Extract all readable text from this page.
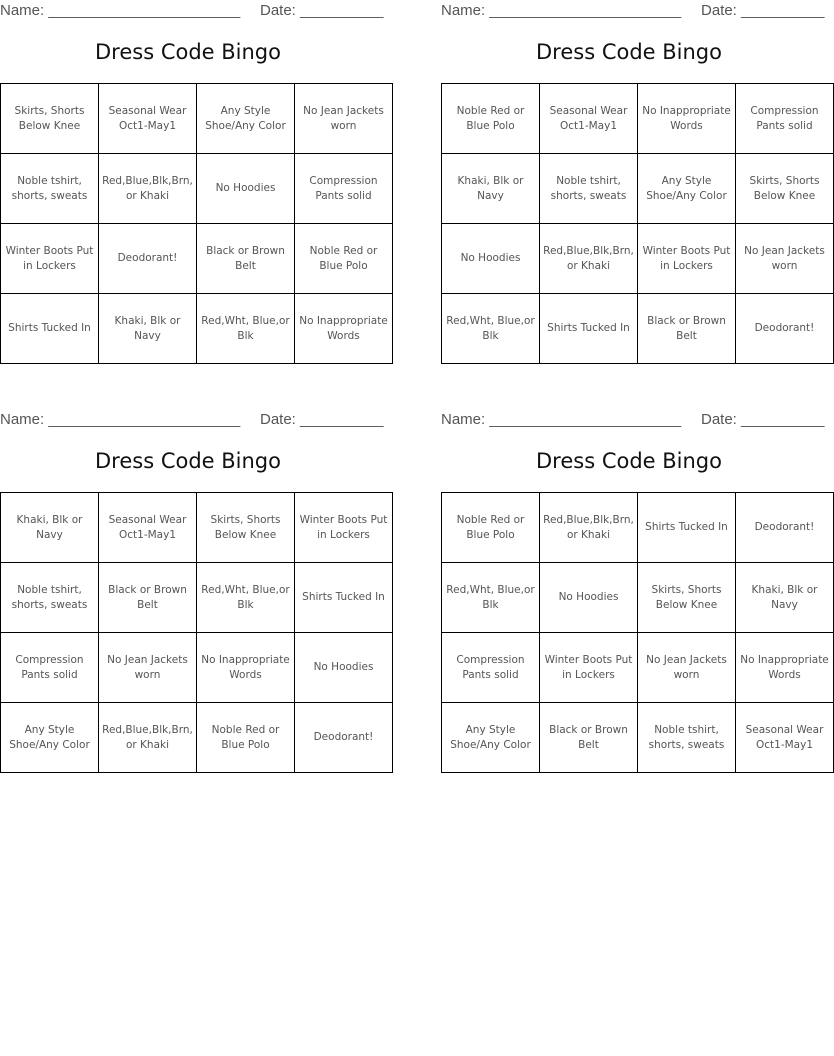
Name: _______________________ Date: __________
Dress Code Bingo
Skirts, Shorts Below Knee	Seasonal Wear Oct1-May1	Any Style Shoe/Any Color	No Jean Jackets worn
Noble tshirt, shorts, sweats	Red,Blue,Blk,Brn, or Khaki	No Hoodies	Compression Pants solid
Winter Boots Put in Lockers	Deodorant!	Black or Brown Belt	Noble Red or Blue Polo
Shirts Tucked In	Khaki, Blk or Navy	Red,Wht, Blue,or Blk	No Inappropriate Words
Name: _______________________ Date: __________
Dress Code Bingo
Noble Red or Blue Polo	Seasonal Wear Oct1-May1	No Inappropriate Words	Compression Pants solid
Khaki, Blk or Navy	Noble tshirt, shorts, sweats	Any Style Shoe/Any Color	Skirts, Shorts Below Knee
No Hoodies	Red,Blue,Blk,Brn, or Khaki	Winter Boots Put in Lockers	No Jean Jackets worn
Red,Wht, Blue,or Blk	Shirts Tucked In	Black or Brown Belt	Deodorant!
Name: _______________________ Date: __________
Dress Code Bingo
Khaki, Blk or Navy	Seasonal Wear Oct1-May1	Skirts, Shorts Below Knee	Winter Boots Put in Lockers
Noble tshirt, shorts, sweats	Black or Brown Belt	Red,Wht, Blue,or Blk	Shirts Tucked In
Compression Pants solid	No Jean Jackets worn	No Inappropriate Words	No Hoodies
Any Style Shoe/Any Color	Red,Blue,Blk,Brn, or Khaki	Noble Red or Blue Polo	Deodorant!
Name: _______________________ Date: __________
Dress Code Bingo
Noble Red or Blue Polo	Red,Blue,Blk,Brn, or Khaki	Shirts Tucked In	Deodorant!
Red,Wht, Blue,or Blk	No Hoodies	Skirts, Shorts Below Knee	Khaki, Blk or Navy
Compression Pants solid	Winter Boots Put in Lockers	No Jean Jackets worn	No Inappropriate Words
Any Style Shoe/Any Color	Black or Brown Belt	Noble tshirt, shorts, sweats	Seasonal Wear Oct1-May1
